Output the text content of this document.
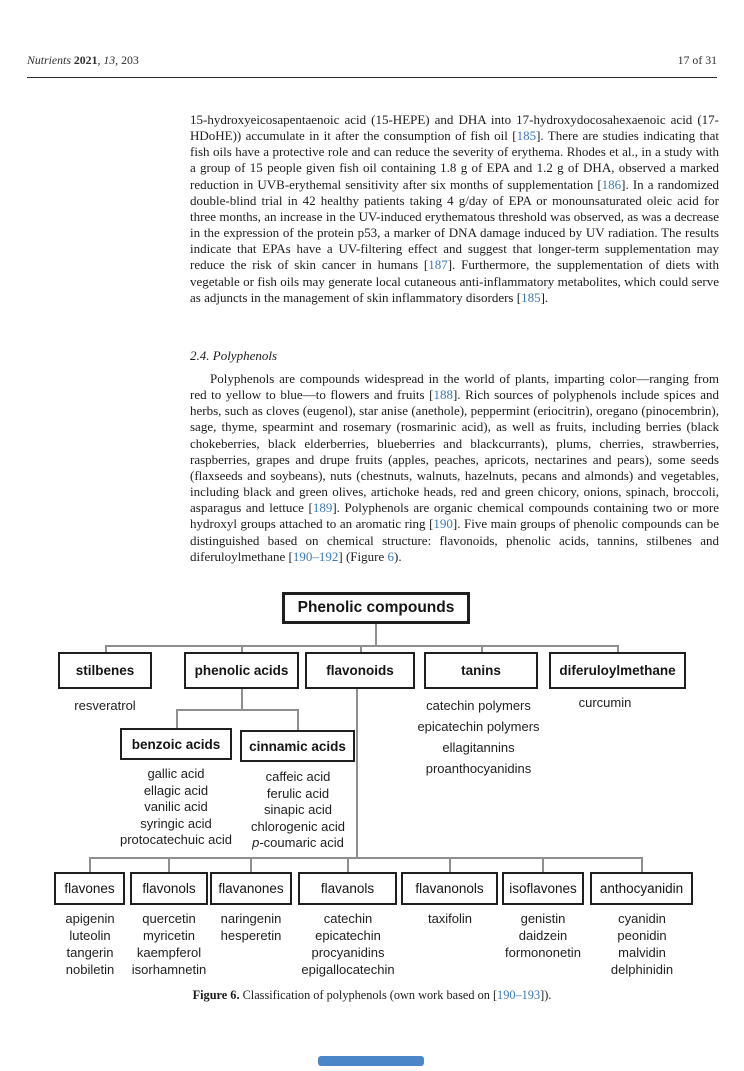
Nutrients 2021, 13, 203	17 of 31

15-hydroxyeicosapentaenoic acid (15-HEPE) and DHA into 17-hydroxydocosahexaenoic acid (17-HDoHE)) accumulate in it after the consumption of fish oil [185]. There are studies indicating that fish oils have a protective role and can reduce the severity of erythema. Rhodes et al., in a study with a group of 15 people given fish oil containing 1.8 g of EPA and 1.2 g of DHA, observed a marked reduction in UVB-erythemal sensitivity after six months of supplementation [186]. In a randomized double-blind trial in 42 healthy patients taking 4 g/day of EPA or monounsaturated oleic acid for three months, an increase in the UV-induced erythematous threshold was observed, as was a decrease in the expression of the protein p53, a marker of DNA damage induced by UV radiation. The results indicate that EPAs have a UV-filtering effect and suggest that longer-term supplementation may reduce the risk of skin cancer in humans [187]. Furthermore, the supplementation of diets with vegetable or fish oils may generate local cutaneous anti-inflammatory metabolites, which could serve as adjuncts in the management of skin inflammatory disorders [185].

2.4. Polyphenols

Polyphenols are compounds widespread in the world of plants, imparting color—ranging from red to yellow to blue—to flowers and fruits [188]. Rich sources of polyphenols include spices and herbs, such as cloves (eugenol), star anise (anethole), peppermint (eriocitrin), oregano (pinocembrin), sage, thyme, spearmint and rosemary (rosmarinic acid), as well as fruits, including berries (black chokeberries, black elderberries, blueberries and blackcurrants), plums, cherries, strawberries, raspberries, grapes and drupe fruits (apples, peaches, apricots, nectarines and pears), some seeds (flaxseeds and soybeans), nuts (chestnuts, walnuts, hazelnuts, pecans and almonds) and vegetables, including black and green olives, artichoke heads, red and green chicory, onions, spinach, broccoli, asparagus and lettuce [189]. Polyphenols are organic chemical compounds containing two or more hydroxyl groups attached to an aromatic ring [190]. Five main groups of phenolic compounds can be distinguished based on chemical structure: flavonoids, phenolic acids, tannins, stilbenes and diferuloylmethane [190–192] (Figure 6).

Phenolic compounds
stilbenes	phenolic acids	flavonoids	tanins	diferuloylmethane
resveratrol	catechin polymers
epicatechin polymers
ellagitannins
proanthocyanidins
curcumin
benzoic acids	cinnamic acids
gallic acid
ellagic acid
vanilic acid
syringic acid
protocatechuic acid
caffeic acid
ferulic acid
sinapic acid
chlorogenic acid
p-coumaric acid
flavones	flavonols	flavanones	flavanols	flavanonols	isoflavones	anthocyanidin
apigenin
luteolin
tangerin
nobiletin
quercetin
myricetin
kaempferol
isorhamnetin
naringenin
hesperetin
catechin
epicatechin
procyanidins
epigallocatechin
taxifolin	genistin
daidzein
formononetin
cyanidin
peonidin
malvidin
delphinidin
Figure 6. Classification of polyphenols (own work based on [190–193]).
